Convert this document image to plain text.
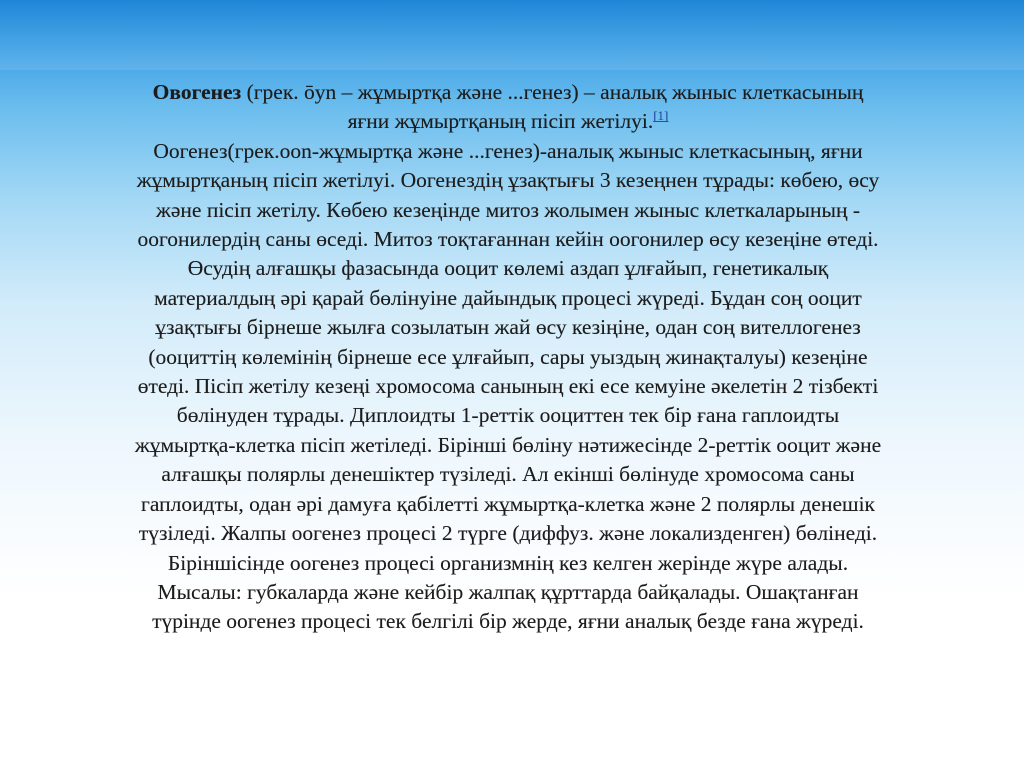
Овогенез (грек. ōуn – жұмыртқа және ...генез) – аналық жыныс клеткасының
яғни жұмыртқаның пісіп жетілуі.[1]
Оогенез(грек.oon-жұмыртқа және ...генез)-аналық жыныс клеткасының, яғни
жұмыртқаның пісіп жетілуі. Оогенездің ұзақтығы 3 кезеңнен тұрады: көбею, өсу
және пісіп жетілу. Көбею кезеңінде митоз жолымен жыныс клеткаларының -
оогонилердің саны өседі. Митоз тоқтағаннан кейін оогонилер өсу кезеңіне өтеді.
Өсудің алғашқы фазасында ооцит көлемі аздап ұлғайып, генетикалық
материалдың әрі қарай бөлінуіне дайындық процесі жүреді. Бұдан соң ооцит
ұзақтығы бірнеше жылға созылатын жай өсу кезіңіне, одан соң вителлогенез
(ооциттің көлемінің бірнеше есе ұлғайып, сары уыздың жинақталуы) кезеңіне
өтеді. Пісіп жетілу кезеңі хромосома санының екі есе кемуіне әкелетін 2 тізбекті
бөлінуден тұрады. Диплоидты 1-реттік ооциттен тек бір ғана гаплоидты
жұмыртқа-клетка пісіп жетіледі. Бірінші бөліну нәтижесінде 2-реттік ооцит және
алғашқы полярлы денешіктер түзіледі. Ал екінші бөлінуде хромосома саны
гаплоидты, одан әрі дамуға қабілетті жұмыртқа-клетка және 2 полярлы денешік
түзіледі. Жалпы оогенез процесі 2 түрге (диффуз. және локализденген) бөлінеді.
Біріншісінде оогенез процесі организмнің кез келген жерінде жүре алады.
Мысалы: губкаларда және кейбір жалпақ құрттарда байқалады. Ошақтанған
түрінде оогенез процесі тек белгілі бір жерде, яғни аналық безде ғана жүреді.
